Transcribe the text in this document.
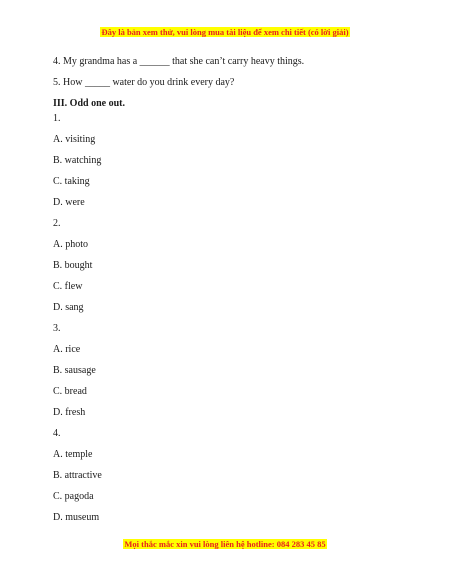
Đây là bản xem thử, vui lòng mua tài liệu để xem chi tiết (có lời giải)
4. My grandma has a ______ that she can’t carry heavy things.
5. How _____ water do you drink every day?
III. Odd one out.
1.
A. visiting
B. watching
C. taking
D. were
2.
A. photo
B. bought
C. flew
D. sang
3.
A. rice
B. sausage
C. bread
D. fresh
4.
A. temple
B. attractive
C. pagoda
D. museum
Mọi thắc mắc xin vui lòng liên hệ hotline: 084 283 45 85
